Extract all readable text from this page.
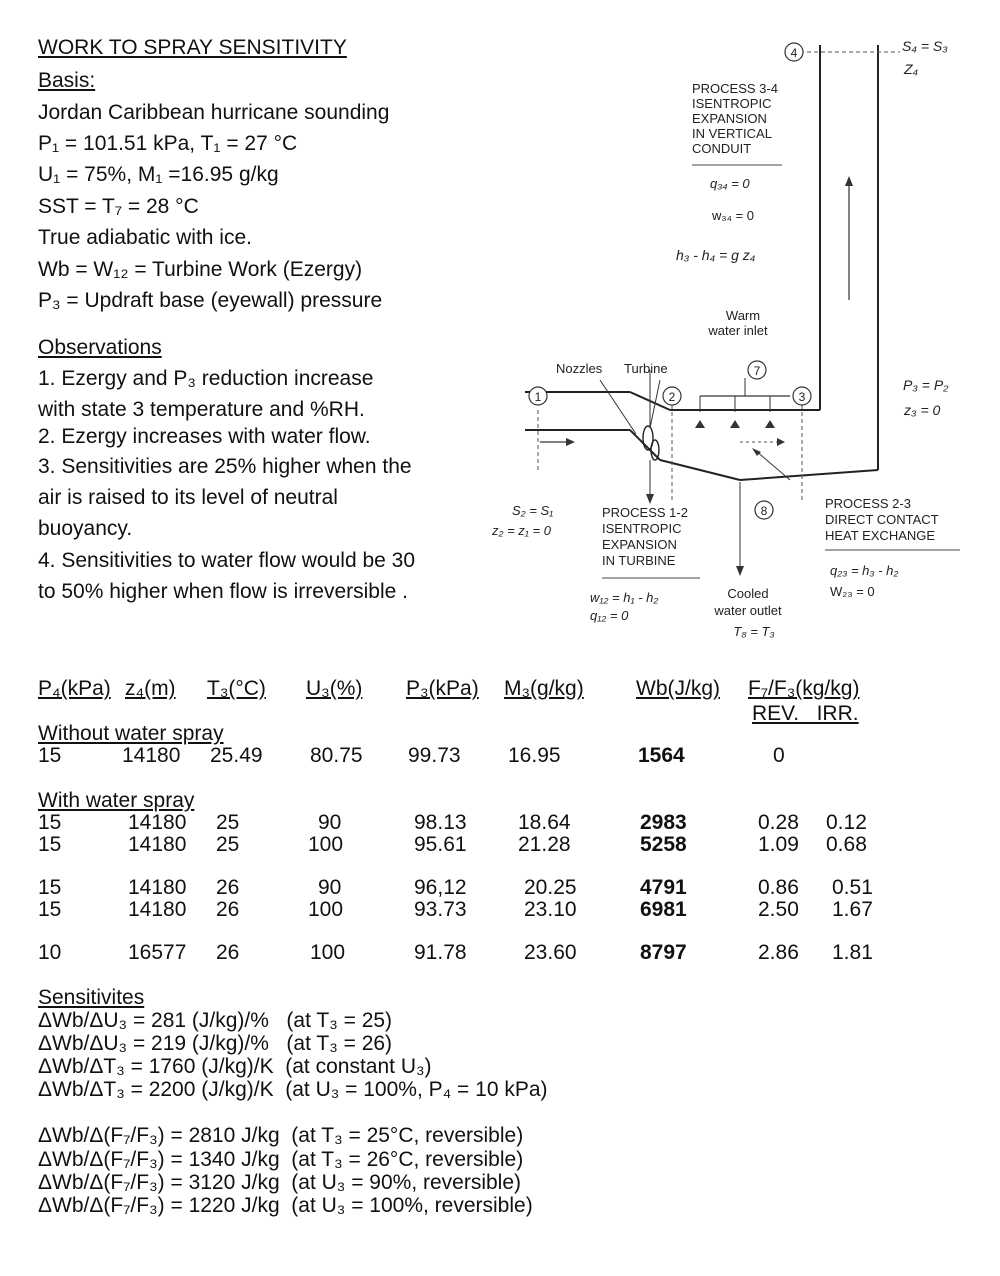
WORK TO SPRAY SENSITIVITY
Basis:
Jordan Caribbean hurricane sounding
P₁ = 101.51 kPa, T₁ = 27 °C
U₁ = 75%, M₁ =16.95 g/kg
SST = T₇ = 28 °C
True adiabatic with ice.
Wb = W₁₂ = Turbine Work (Ezergy)
P₃ = Updraft base (eyewall) pressure
Observations
1. Ezergy and P₃ reduction increase
with state 3 temperature and %RH.
2. Ezergy increases with water flow.
3. Sensitivities are 25% higher when the
air is raised to its level of neutral
buoyancy.
4. Sensitivities to water flow would be 30
to 50% higher when flow is irreversible .
4
1	2	3
7
8
PROCESS 3-4
ISENTROPIC
EXPANSION
IN VERTICAL
CONDUIT
q₃₄ = 0
w₃₄ = 0
h₃ - h₄ = g z₄
S₄ = S₃
Z₄
Warm
water inlet
Nozzles Turbine
P₃ = P₂
z₃ = 0
S₂ = S₁
z₂ = z₁ = 0
PROCESS 1-2
ISENTROPIC
EXPANSION
IN TURBINE
w₁₂ = h₁ - h₂
q₁₂ = 0
Cooled
water outlet
T₈ = T₃
PROCESS 2-3
DIRECT CONTACT
HEAT EXCHANGE
q₂₃ = h₃ - h₂
W₂₃ = 0
P₄(kPa) z₄(m) T₃(°C) U₃(%) P₃(kPa) M₃(g/kg) Wb(J/kg) F₇/F₃(kg/kg)
REV.   IRR.
Without water spray
15	14180 25.49 80.75 99.73 16.95	1564	0
With water spray
15	14180 25	90	98.13 18.64	2983	0.28 0.12
15	14180 25	100	95.61 21.28	5258	1.09 0.68
15	14180 26	90	96,12	20.25	4791	0.86 0.51
15	14180 26	100	93.73	23.10	6981	2.50 1.67
10	16577 26	100	91.78	23.60	8797	2.86 1.81
Sensitivites
ΔWb/ΔU₃ = 281 (J/kg)/%   (at T₃ = 25)
ΔWb/ΔU₃ = 219 (J/kg)/%   (at T₃ = 26)
ΔWb/ΔT₃ = 1760 (J/kg)/K  (at constant U₃)
ΔWb/ΔT₃ = 2200 (J/kg)/K  (at U₃ = 100%, P₄ = 10 kPa)
ΔWb/Δ(F₇/F₃) = 2810 J/kg  (at T₃ = 25°C, reversible)
ΔWb/Δ(F₇/F₃) = 1340 J/kg  (at T₃ = 26°C, reversible)
ΔWb/Δ(F₇/F₃) = 3120 J/kg  (at U₃ = 90%, reversible)
ΔWb/Δ(F₇/F₃) = 1220 J/kg  (at U₃ = 100%, reversible)
